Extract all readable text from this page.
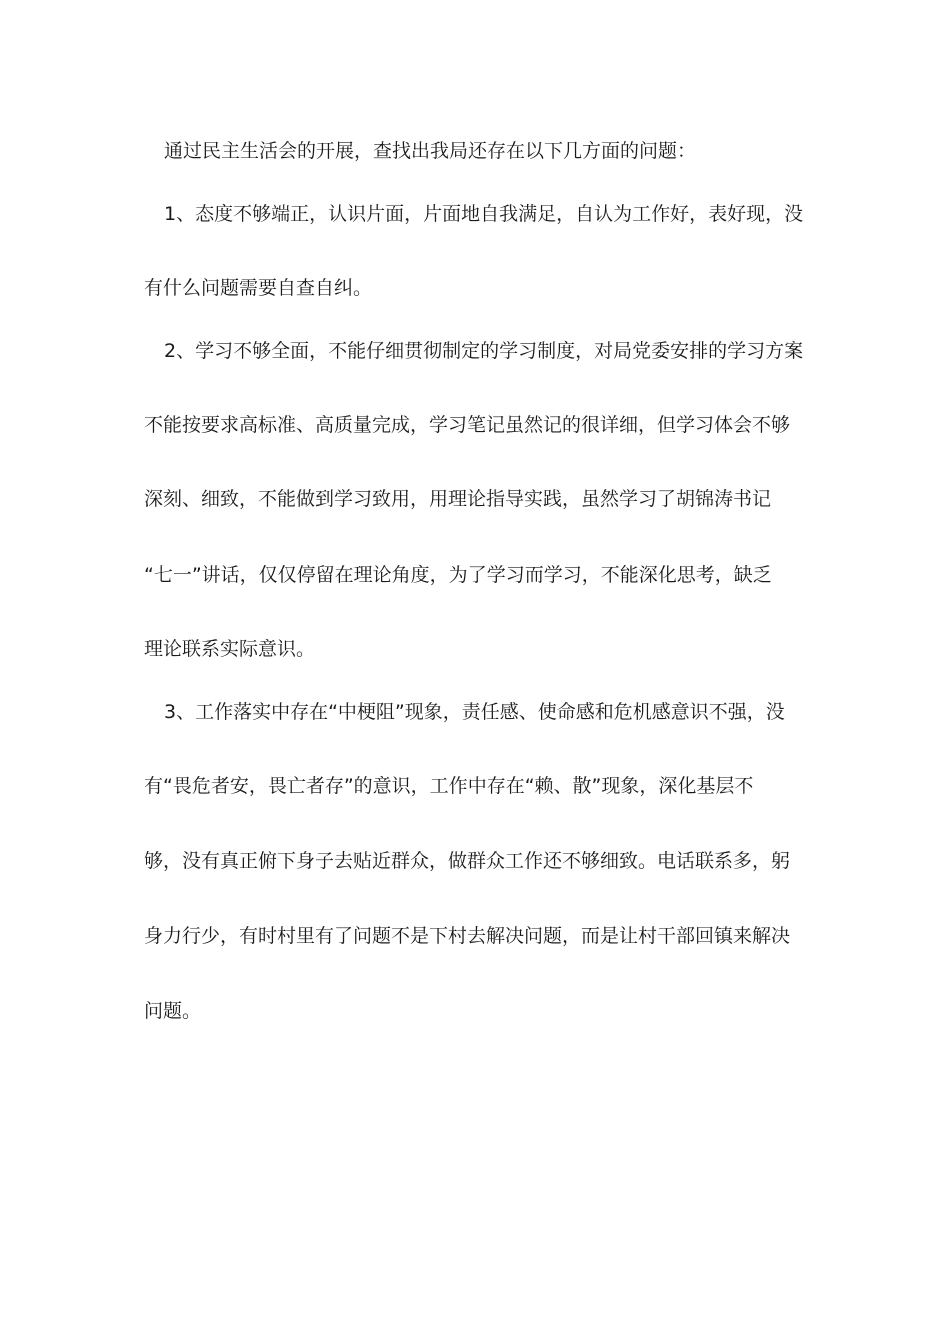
通过民主生活会的开展，查找出我局还存在以下几方面的问题：
1、态度不够端正，认识片面，片面地自我满足，自认为工作好，表好现，没
有什么问题需要自查自纠。
2、学习不够全面，不能仔细贯彻制定的学习制度，对局党委安排的学习方案
不能按要求高标准、高质量完成，学习笔记虽然记的很详细，但学习体会不够
深刻、细致，不能做到学习致用，用理论指导实践，虽然学习了胡锦涛书记
“七一”讲话，仅仅停留在理论角度，为了学习而学习，不能深化思考，缺乏
理论联系实际意识。
3、工作落实中存在“中梗阻”现象，责任感、使命感和危机感意识不强，没
有“畏危者安，畏亡者存”的意识，工作中存在“赖、散”现象，深化基层不
够，没有真正俯下身子去贴近群众，做群众工作还不够细致。电话联系多，躬
身力行少，有时村里有了问题不是下村去解决问题，而是让村干部回镇来解决
问题。
